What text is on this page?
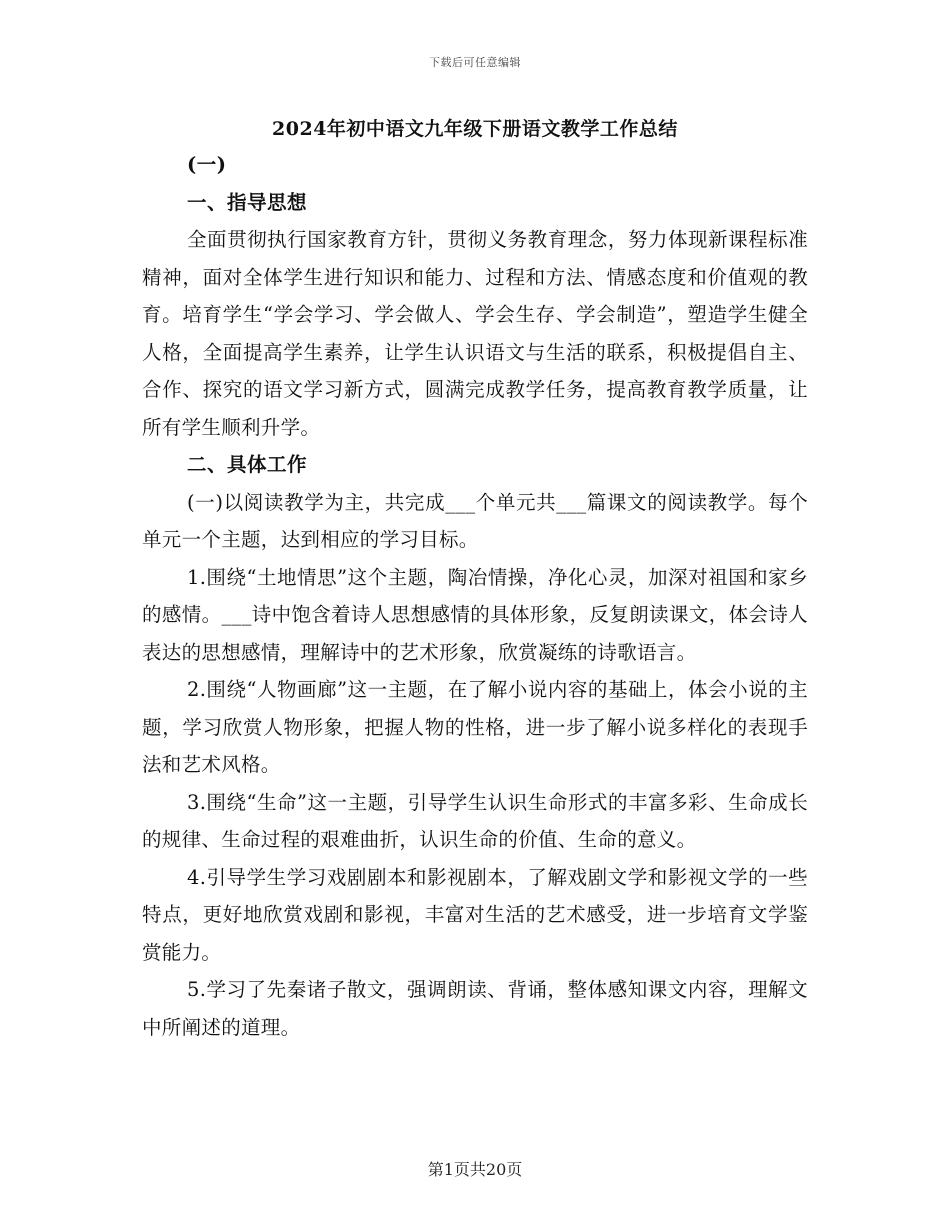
下载后可任意编辑
2024年初中语文九年级下册语文教学工作总结

(一)

一、指导思想

全面贯彻执行国家教育方针，贯彻义务教育理念，努力体现新课程标准精神，面对全体学生进行知识和能力、过程和方法、情感态度和价值观的教育。培育学生“学会学习、学会做人、学会生存、学会制造”，塑造学生健全人格，全面提高学生素养，让学生认识语文与生活的联系，积极提倡自主、合作、探究的语文学习新方式，圆满完成教学任务，提高教育教学质量，让所有学生顺利升学。

二、具体工作

(一)以阅读教学为主，共完成___个单元共___篇课文的阅读教学。每个单元一个主题，达到相应的学习目标。

1.围绕“土地情思”这个主题，陶冶情操，净化心灵，加深对祖国和家乡的感情。___诗中饱含着诗人思想感情的具体形象，反复朗读课文，体会诗人表达的思想感情，理解诗中的艺术形象，欣赏凝练的诗歌语言。

2.围绕“人物画廊”这一主题，在了解小说内容的基础上，体会小说的主题，学习欣赏人物形象，把握人物的性格，进一步了解小说多样化的表现手法和艺术风格。

3.围绕“生命”这一主题，引导学生认识生命形式的丰富多彩、生命成长的规律、生命过程的艰难曲折，认识生命的价值、生命的意义。

4.引导学生学习戏剧剧本和影视剧本，了解戏剧文学和影视文学的一些特点，更好地欣赏戏剧和影视，丰富对生活的艺术感受，进一步培育文学鉴赏能力。

5.学习了先秦诸子散文，强调朗读、背诵，整体感知课文内容，理解文中所阐述的道理。

第1页共20页
